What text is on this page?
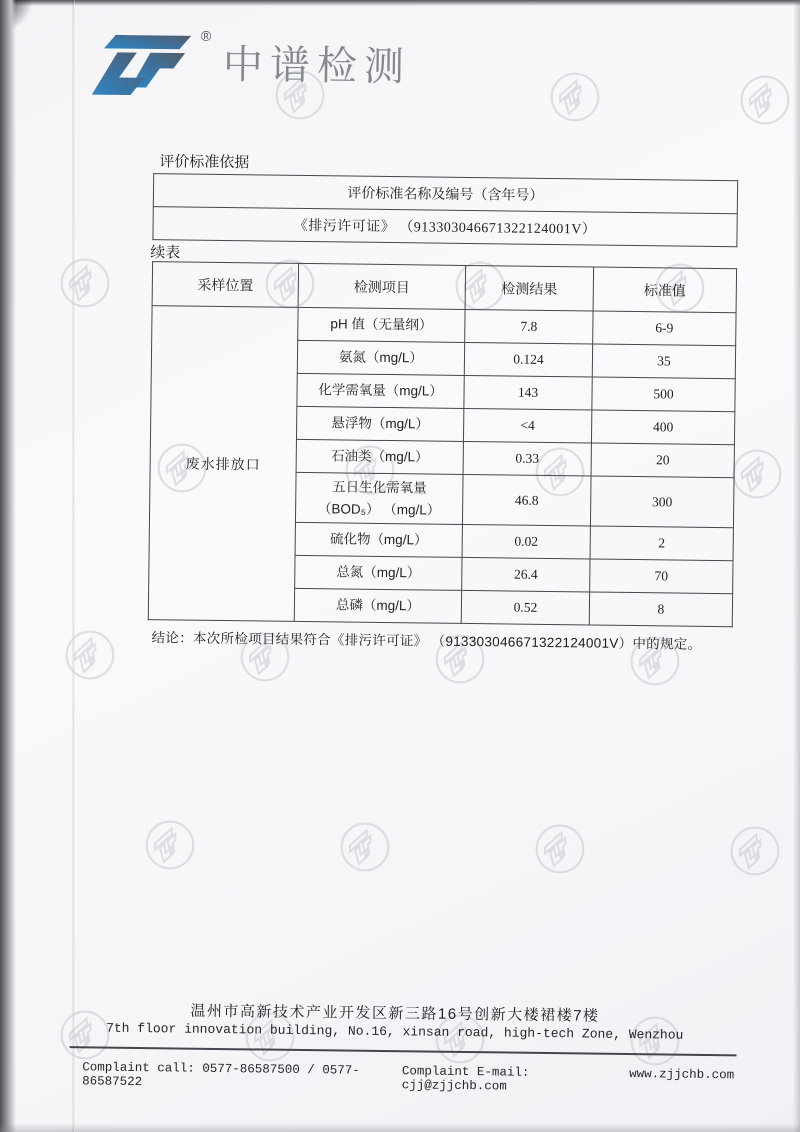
®
中谱检测
评价标准依据
评价标准名称及编号（含年号）
《排污许可证》 （913303046671322124001V）
续表
采样位置	检测项目	检测结果	标准值
废水排放口	pH 值（无量纲）	7.8	6-9
	氨氮（mg/L）	0.124	35
	化学需氧量（mg/L）	143	500
	悬浮物（mg/L）	<4	400
	石油类（mg/L）	0.33	20
	五日生化需氧量
（BOD₅） （mg/L）	46.8	300
	硫化物（mg/L）	0.02	2
	总氮（mg/L）	26.4	70
	总磷（mg/L）	0.52	8
结论：本次所检项目结果符合《排污许可证》 （913303046671322124001V）中的规定。
温州市高新技术产业开发区新三路16号创新大楼裙楼7楼
7th floor innovation building, No.16, xinsan road, high-tech Zone, Wenzhou
Complaint call: 0577-86587500 / 0577-86587522
Complaint E-mail: cjj@zjjchb.com
www.zjjchb.com
